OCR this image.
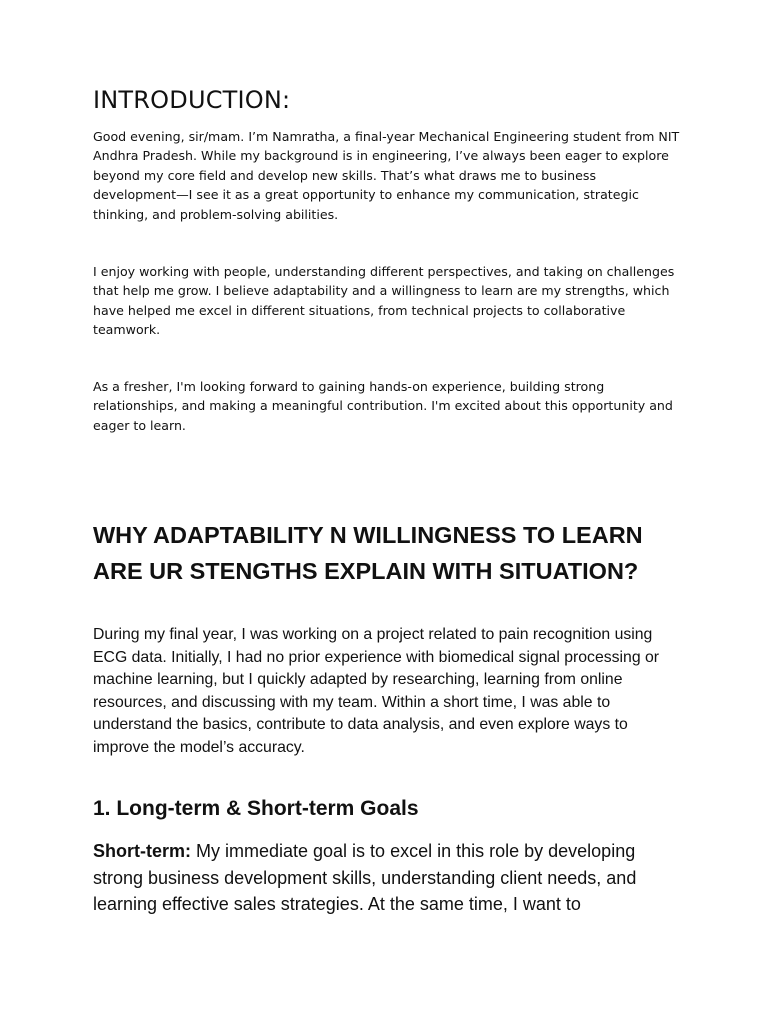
INTRODUCTION:

Good evening, sir/mam. I’m Namratha, a final-year Mechanical Engineering student from NIT Andhra Pradesh. While my background is in engineering, I’ve always been eager to explore beyond my core field and develop new skills. That’s what draws me to business development—I see it as a great opportunity to enhance my communication, strategic thinking, and problem-solving abilities.

I enjoy working with people, understanding different perspectives, and taking on challenges that help me grow. I believe adaptability and a willingness to learn are my strengths, which have helped me excel in different situations, from technical projects to collaborative teamwork.

As a fresher, I'm looking forward to gaining hands-on experience, building strong relationships, and making a meaningful contribution. I'm excited about this opportunity and eager to learn.

WHY ADAPTABILITY N WILLINGNESS TO LEARN ARE UR STENGTHS EXPLAIN WITH SITUATION?

During my final year, I was working on a project related to pain recognition using ECG data. Initially, I had no prior experience with biomedical signal processing or machine learning, but I quickly adapted by researching, learning from online resources, and discussing with my team. Within a short time, I was able to understand the basics, contribute to data analysis, and even explore ways to improve the model’s accuracy.

1. Long-term & Short-term Goals

Short-term: My immediate goal is to excel in this role by developing strong business development skills, understanding client needs, and learning effective sales strategies. At the same time, I want to
